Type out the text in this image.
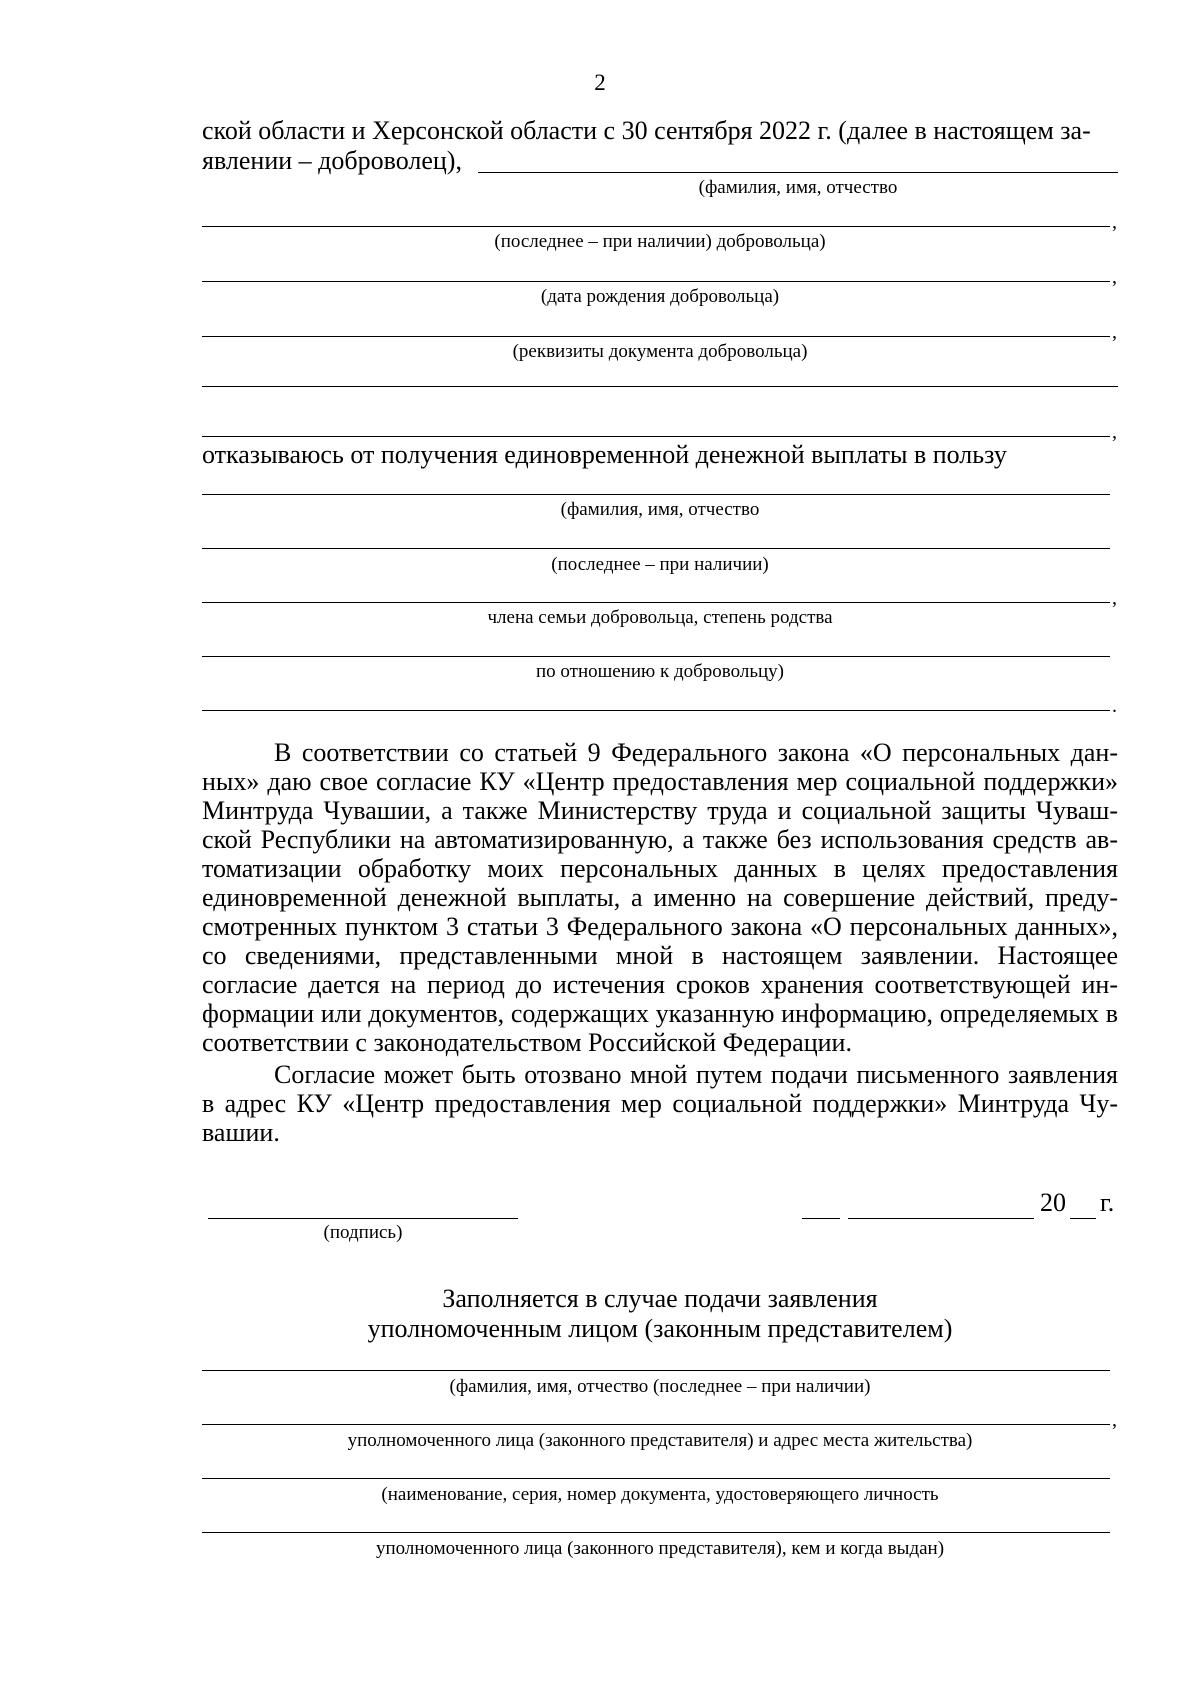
2
ской области и Херсонской области с 30 сентября 2022 г. (далее в настоящем за-
явлении – доброволец),
(фамилия, имя, отчество
,
(последнее – при наличии) добровольца)
,
(дата рождения добровольца)
,
(реквизиты документа добровольца)
,
отказываюсь от получения единовременной денежной выплаты в пользу
(фамилия, имя, отчество
(последнее – при наличии)
,
члена семьи добровольца, степень родства
по отношению к добровольцу)
.

В соответствии со статьей 9 Федерального закона «О персональных данных» даю свое согласие КУ «Центр предоставления мер социальной поддержки» Минтруда Чувашии, а также Министерству труда и социальной защиты Чувашской Республики на автоматизированную, а также без использования средств автоматизации обработку моих персональных данных в целях предоставления единовременной денежной выплаты, а именно на совершение действий, предусмотренных пунктом 3 статьи 3 Федерального закона «О персональных данных», со сведениями, представленными мной в настоящем заявлении. Настоящее согласие дается на период до истечения сроков хранения соответствующей информации или документов, содержащих указанную информацию, определяемых в соответствии с законодательством Российской Федерации.

Согласие может быть отозвано мной путем подачи письменного заявления в адрес КУ «Центр предоставления мер социальной поддержки» Минтруда Чувашии.

(подпись)
20 г.
Заполняется в случае подачи заявления
уполномоченным лицом (законным представителем)
(фамилия, имя, отчество (последнее – при наличии)
,
уполномоченного лица (законного представителя) и адрес места жительства)
(наименование, серия, номер документа, удостоверяющего личность
уполномоченного лица (законного представителя), кем и когда выдан)
